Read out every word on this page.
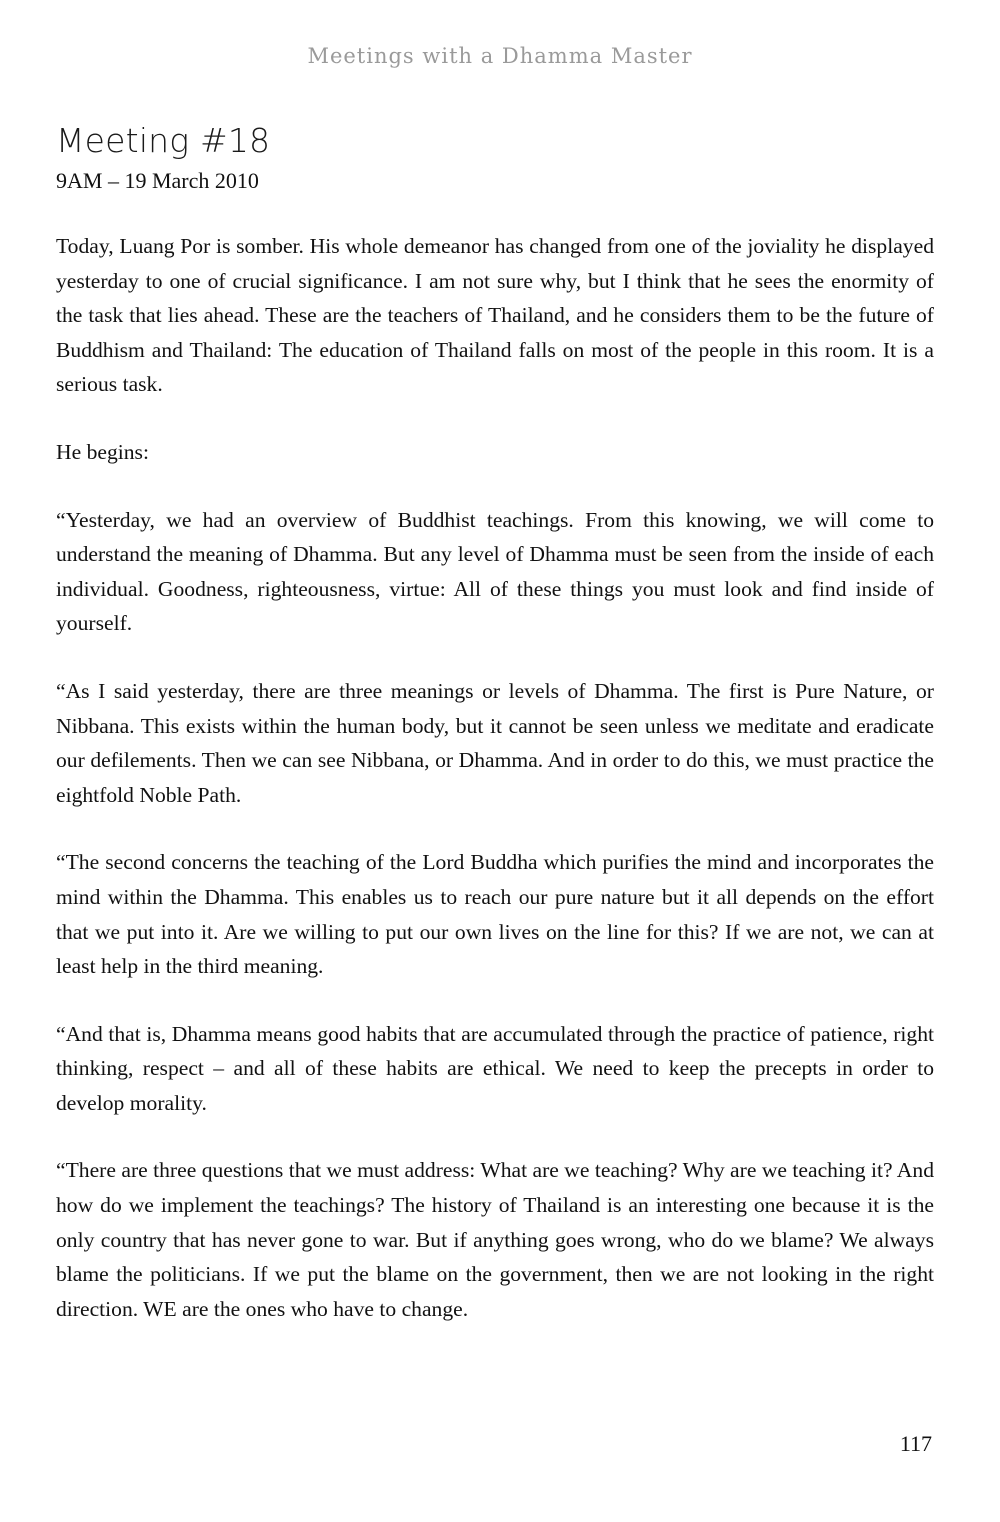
Meetings with a Dhamma Master
Meeting #18
9AM – 19 March 2010

Today, Luang Por is somber. His whole demeanor has changed from one of the joviality he displayed yesterday to one of crucial significance. I am not sure why, but I think that he sees the enormity of the task that lies ahead. These are the teachers of Thailand, and he considers them to be the future of Buddhism and Thailand: The education of Thailand falls on most of the people in this room. It is a serious task.

He begins:

“Yesterday, we had an overview of Buddhist teachings. From this knowing, we will come to understand the meaning of Dhamma. But any level of Dhamma must be seen from the inside of each individual. Goodness, righteousness, virtue: All of these things you must look and find inside of yourself.

“As I said yesterday, there are three meanings or levels of Dhamma. The first is Pure Nature, or Nibbana. This exists within the human body, but it cannot be seen unless we meditate and eradicate our defilements. Then we can see Nibbana, or Dhamma. And in order to do this, we must practice the eightfold Noble Path.

“The second concerns the teaching of the Lord Buddha which purifies the mind and incorporates the mind within the Dhamma. This enables us to reach our pure nature but it all depends on the effort that we put into it. Are we willing to put our own lives on the line for this? If we are not, we can at least help in the third meaning.

“And that is, Dhamma means good habits that are accumulated through the practice of patience, right thinking, respect – and all of these habits are ethical. We need to keep the precepts in order to develop morality.

“There are three questions that we must address: What are we teaching? Why are we teaching it? And how do we implement the teachings? The history of Thailand is an interesting one because it is the only country that has never gone to war. But if anything goes wrong, who do we blame? We always blame the politicians. If we put the blame on the government, then we are not looking in the right direction. WE are the ones who have to change.

117
